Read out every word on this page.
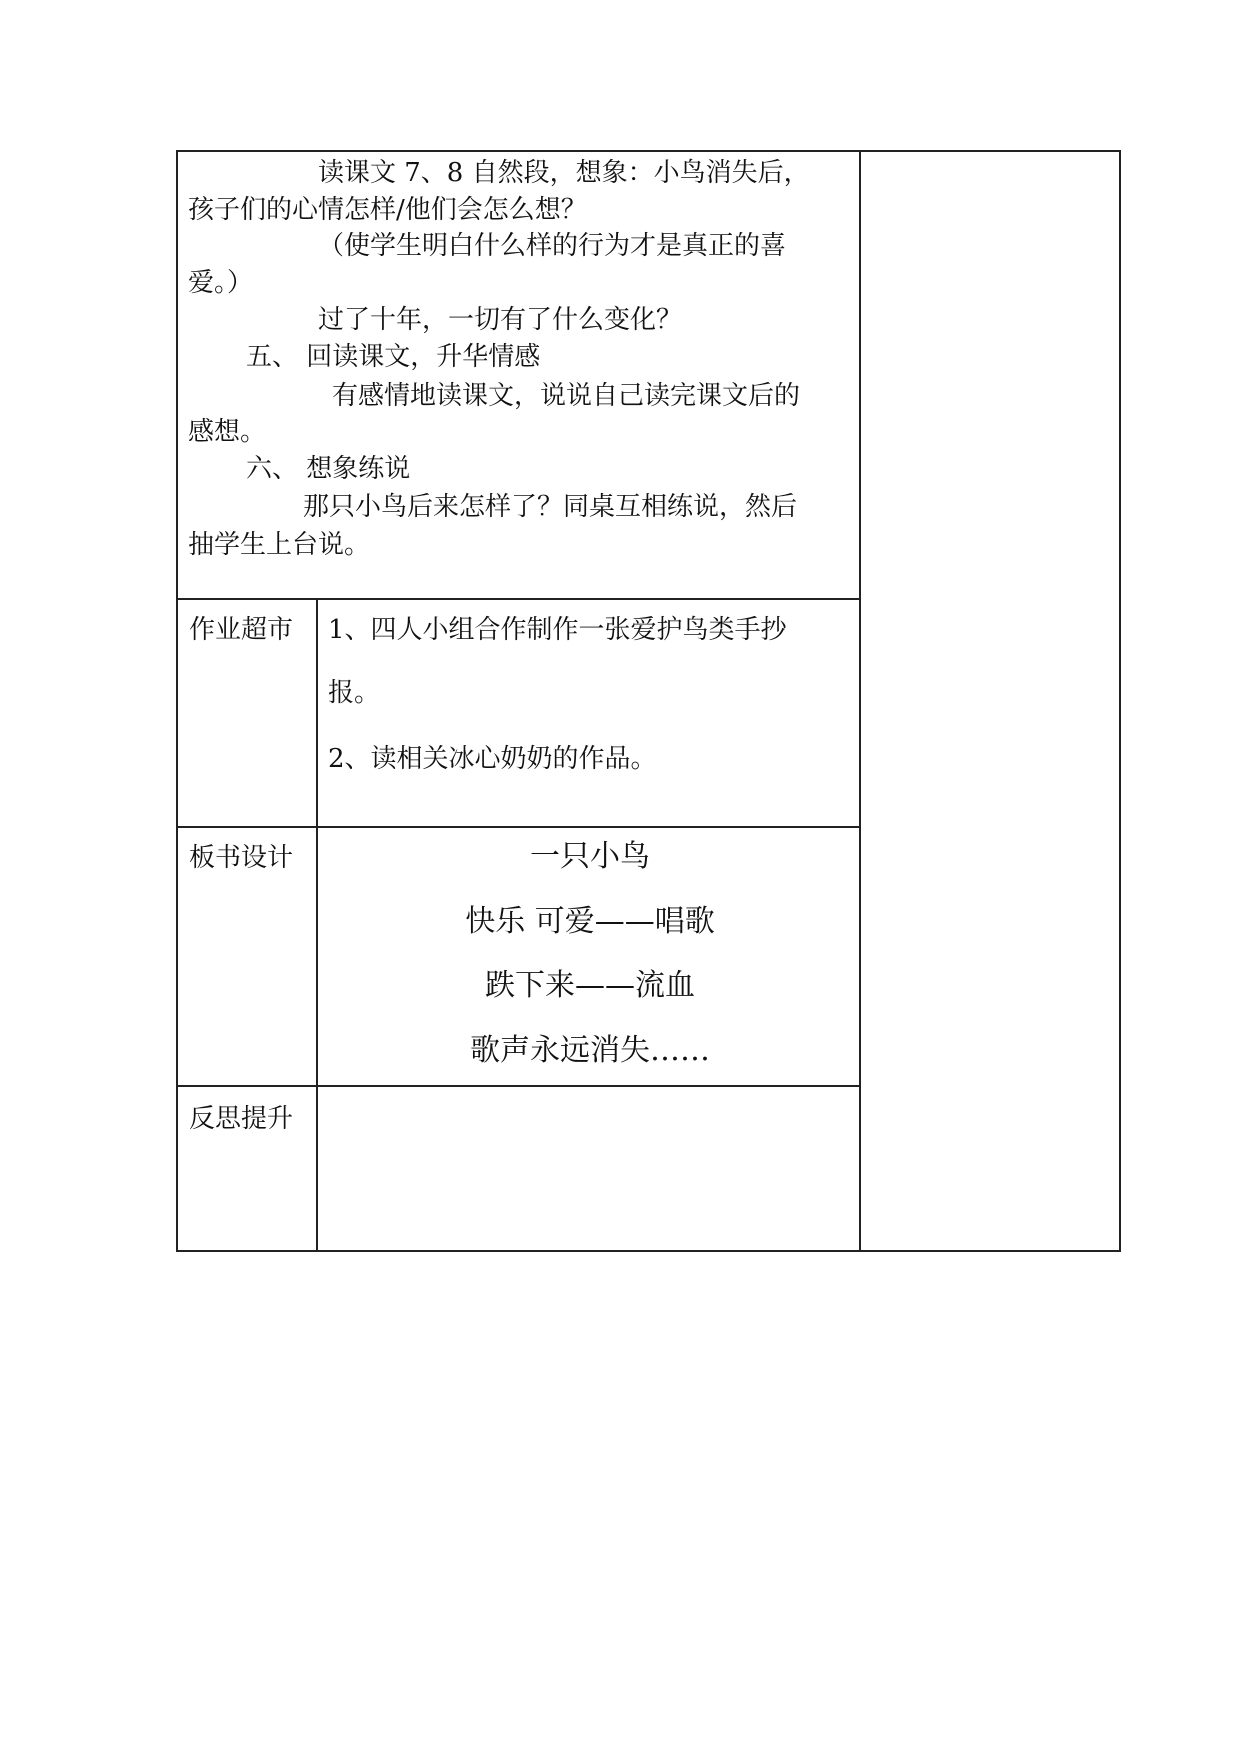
读课文 7、8 自然段，想象：小鸟消失后，
孩子们的心情怎样/他们会怎么想？
（使学生明白什么样的行为才是真正的喜
爱。）
过了十年，一切有了什么变化？
五、 回读课文，升华情感
有感情地读课文，说说自己读完课文后的
感想。
六、 想象练说
那只小鸟后来怎样了？同桌互相练说，然后
抽学生上台说。
作业超市 1、四人小组合作制作一张爱护鸟类手抄
报。
2、读相关冰心奶奶的作品。
板书设计	一只小鸟
快乐 可爱——唱歌
跌下来——流血
歌声永远消失……
反思提升
